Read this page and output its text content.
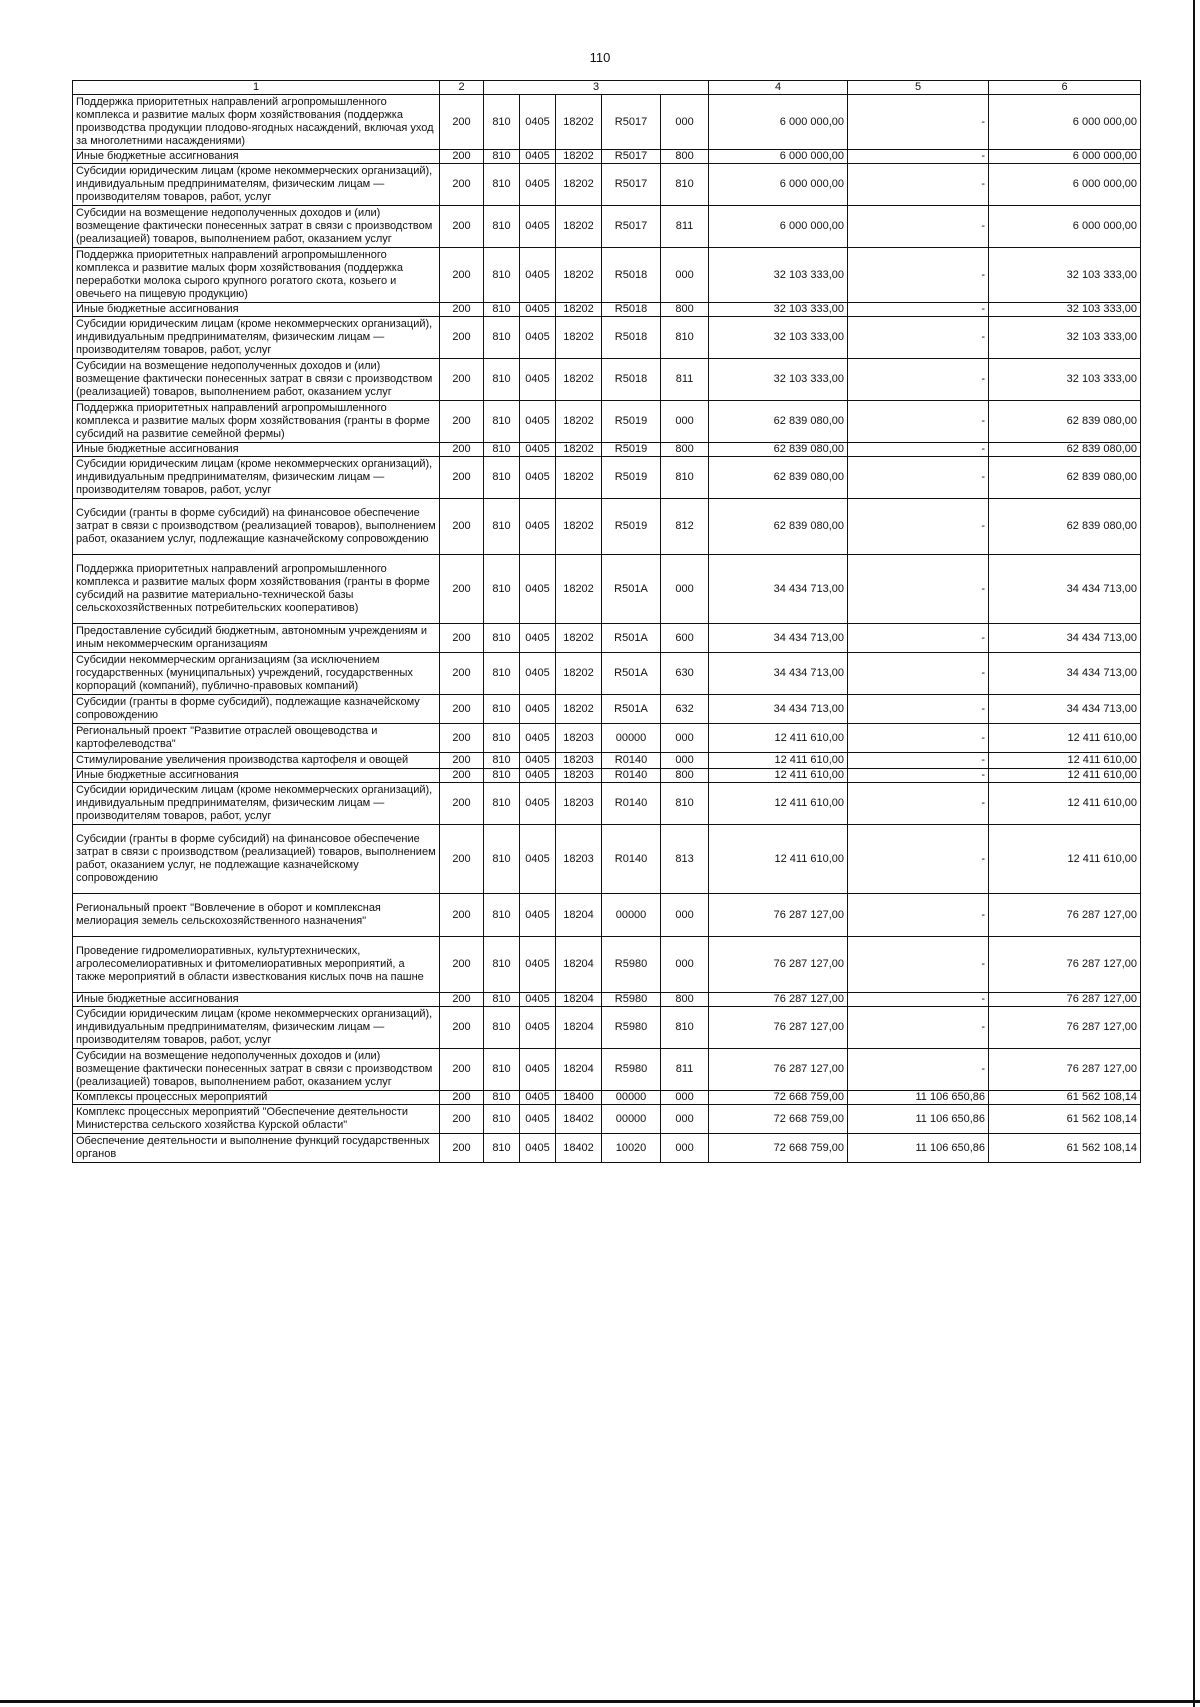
110
1	2	3					4	5	6
Поддержка приоритетных направлений агропромышленного комплекса и развитие малых форм хозяйствования (поддержка производства продукции плодово-ягодных насаждений, включая уход за многолетними насаждениями)	200	810	0405	18202	R5017	000	6 000 000,00	-	6 000 000,00
Иные бюджетные ассигнования	200	810	0405	18202	R5017	800	6 000 000,00	-	6 000 000,00
Субсидии юридическим лицам (кроме некоммерческих организаций), индивидуальным предпринимателям, физическим лицам — производителям товаров, работ, услуг	200	810	0405	18202	R5017	810	6 000 000,00	-	6 000 000,00
Субсидии на возмещение недополученных доходов и (или) возмещение фактически понесенных затрат в связи с производством (реализацией) товаров, выполнением работ, оказанием услуг	200	810	0405	18202	R5017	811	6 000 000,00	-	6 000 000,00
Поддержка приоритетных направлений агропромышленного комплекса и развитие малых форм хозяйствования (поддержка переработки молока сырого крупного рогатого скота, козьего и овечьего на пищевую продукцию)	200	810	0405	18202	R5018	000	32 103 333,00	-	32 103 333,00
Иные бюджетные ассигнования	200	810	0405	18202	R5018	800	32 103 333,00	-	32 103 333,00
Субсидии юридическим лицам (кроме некоммерческих организаций), индивидуальным предпринимателям, физическим лицам — производителям товаров, работ, услуг	200	810	0405	18202	R5018	810	32 103 333,00	-	32 103 333,00
Субсидии на возмещение недополученных доходов и (или) возмещение фактически понесенных затрат в связи с производством (реализацией) товаров, выполнением работ, оказанием услуг	200	810	0405	18202	R5018	811	32 103 333,00	-	32 103 333,00
Поддержка приоритетных направлений агропромышленного комплекса и развитие малых форм хозяйствования (гранты в форме субсидий на развитие семейной фермы)	200	810	0405	18202	R5019	000	62 839 080,00	-	62 839 080,00
Иные бюджетные ассигнования	200	810	0405	18202	R5019	800	62 839 080,00	-	62 839 080,00
Субсидии юридическим лицам (кроме некоммерческих организаций), индивидуальным предпринимателям, физическим лицам — производителям товаров, работ, услуг	200	810	0405	18202	R5019	810	62 839 080,00	-	62 839 080,00
Субсидии (гранты в форме субсидий) на финансовое обеспечение затрат в связи с производством (реализацией товаров), выполнением работ, оказанием услуг, подлежащие казначейскому сопровождению	200	810	0405	18202	R5019	812	62 839 080,00	-	62 839 080,00
Поддержка приоритетных направлений агропромышленного комплекса и развитие малых форм хозяйствования (гранты в форме субсидий на развитие материально-технической базы сельскохозяйственных потребительских кооперативов)	200	810	0405	18202	R501A	000	34 434 713,00	-	34 434 713,00
Предоставление субсидий бюджетным, автономным учреждениям и иным некоммерческим организациям	200	810	0405	18202	R501A	600	34 434 713,00	-	34 434 713,00
Субсидии некоммерческим организациям (за исключением государственных (муниципальных) учреждений, государственных корпораций (компаний), публично-правовых компаний)	200	810	0405	18202	R501A	630	34 434 713,00	-	34 434 713,00
Субсидии (гранты в форме субсидий), подлежащие казначейскому сопровождению	200	810	0405	18202	R501A	632	34 434 713,00	-	34 434 713,00
Региональный проект "Развитие отраслей овощеводства и картофелеводства"	200	810	0405	18203	00000	000	12 411 610,00	-	12 411 610,00
Стимулирование увеличения производства картофеля и овощей	200	810	0405	18203	R0140	000	12 411 610,00	-	12 411 610,00
Иные бюджетные ассигнования	200	810	0405	18203	R0140	800	12 411 610,00	-	12 411 610,00
Субсидии юридическим лицам (кроме некоммерческих организаций), индивидуальным предпринимателям, физическим лицам — производителям товаров, работ, услуг	200	810	0405	18203	R0140	810	12 411 610,00	-	12 411 610,00
Субсидии (гранты в форме субсидий) на финансовое обеспечение затрат в связи с производством (реализацией) товаров, выполнением работ, оказанием услуг, не подлежащие казначейскому сопровождению	200	810	0405	18203	R0140	813	12 411 610,00	-	12 411 610,00
Региональный проект "Вовлечение в оборот и комплексная мелиорация земель сельскохозяйственного назначения"	200	810	0405	18204	00000	000	76 287 127,00	-	76 287 127,00
Проведение гидромелиоративных, культуртехнических, агролесомелиоративных и фитомелиоративных мероприятий, а также мероприятий в области известкования кислых почв на пашне	200	810	0405	18204	R5980	000	76 287 127,00	-	76 287 127,00
Иные бюджетные ассигнования	200	810	0405	18204	R5980	800	76 287 127,00	-	76 287 127,00
Субсидии юридическим лицам (кроме некоммерческих организаций), индивидуальным предпринимателям, физическим лицам — производителям товаров, работ, услуг	200	810	0405	18204	R5980	810	76 287 127,00	-	76 287 127,00
Субсидии на возмещение недополученных доходов и (или) возмещение фактически понесенных затрат в связи с производством (реализацией) товаров, выполнением работ, оказанием услуг	200	810	0405	18204	R5980	811	76 287 127,00	-	76 287 127,00
Комплексы процессных мероприятий	200	810	0405	18400	00000	000	72 668 759,00	11 106 650,86	61 562 108,14
Комплекс процессных мероприятий "Обеспечение деятельности Министерства сельского хозяйства Курской области"	200	810	0405	18402	00000	000	72 668 759,00	11 106 650,86	61 562 108,14
Обеспечение деятельности и выполнение функций государственных органов	200	810	0405	18402	10020	000	72 668 759,00	11 106 650,86	61 562 108,14
